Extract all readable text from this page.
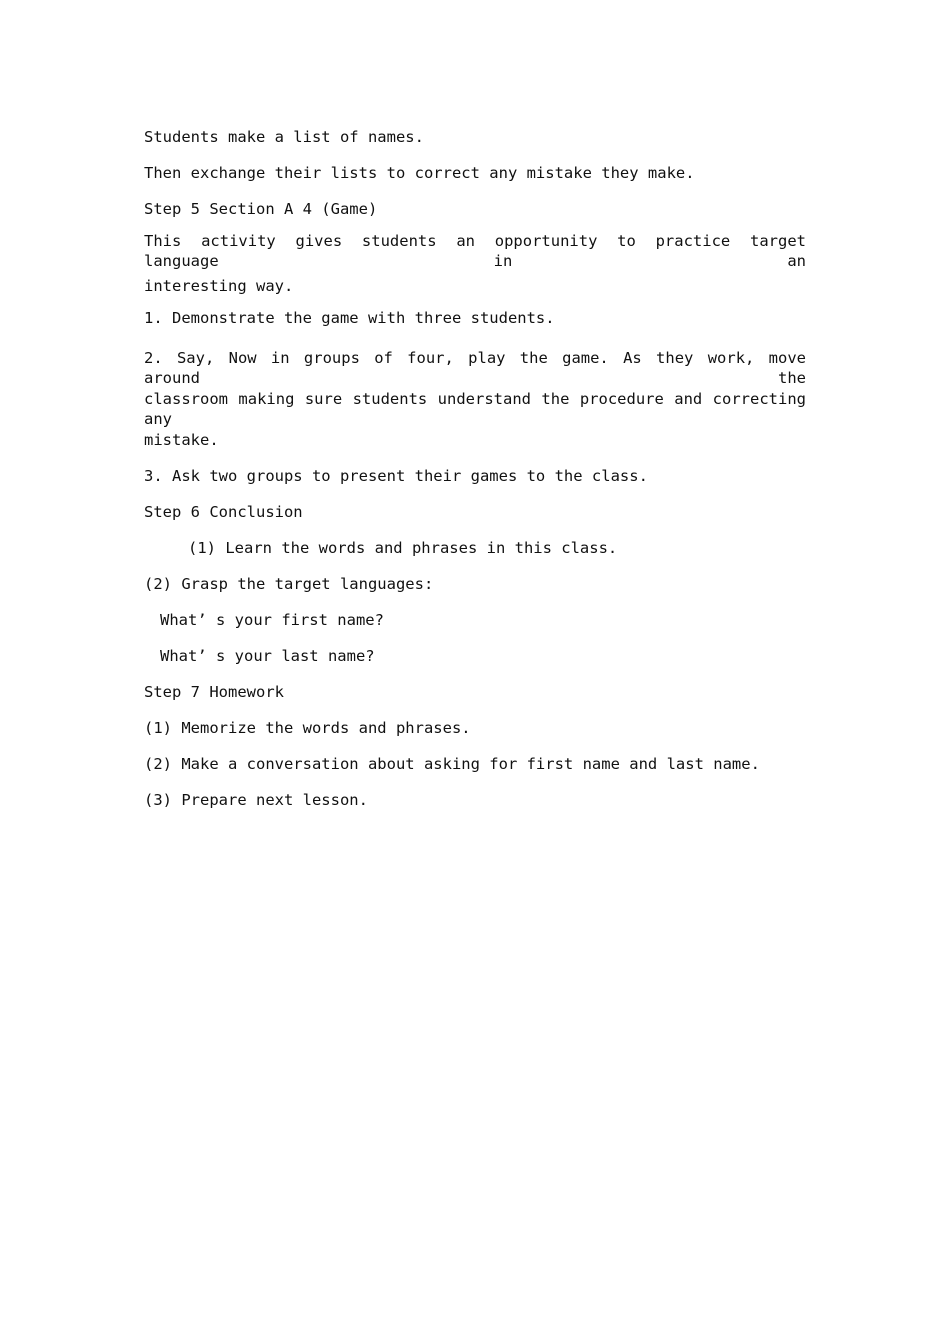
Students make a list of names.
Then exchange their lists to correct any mistake they make.
Step 5 Section A 4 (Game)
This activity gives students an opportunity to practice target language in an
interesting way.
1. Demonstrate the game with three students.
2. Say, Now in groups of four, play the game. As they work, move around the
classroom making sure students understand the procedure and correcting any
mistake.
3. Ask two groups to present their games to the class.
Step 6 Conclusion
(1) Learn the words and phrases in this class.
(2) Grasp the target languages:
What’ s your first name?
What’ s your last name?
Step 7 Homework
(1) Memorize the words and phrases.
(2) Make a conversation about asking for first name and last name.
(3) Prepare next lesson.
